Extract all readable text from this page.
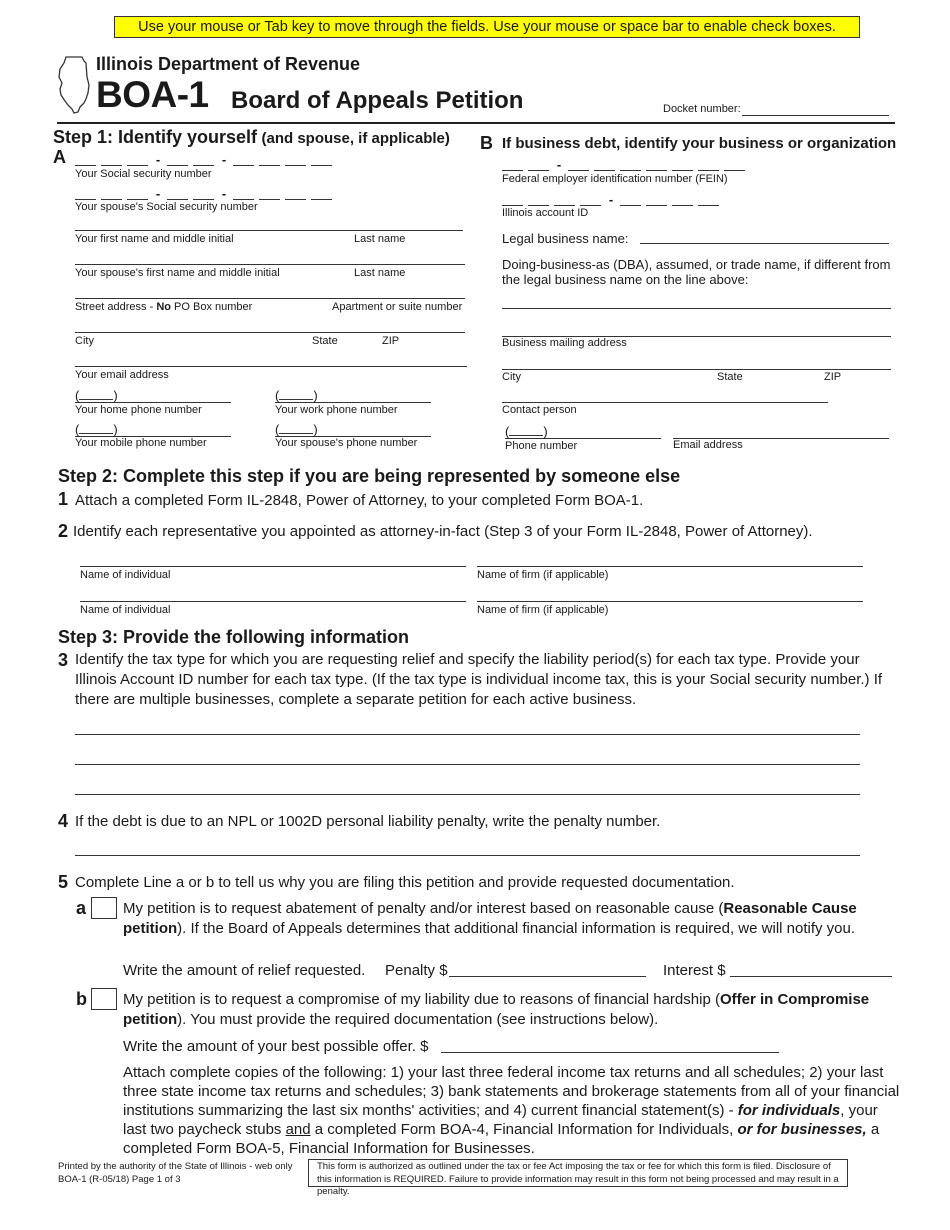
Use your mouse or Tab key to move through the fields. Use your mouse or space bar to enable check boxes.
Illinois Department of Revenue
BOA-1 Board of Appeals Petition	Docket number:
Step 1: Identify yourself (and spouse, if applicable)
A	-	-
Your Social security number
-	-
Your spouse's Social security number
Your first name and middle initial	Last name
Your spouse's first name and middle initial	Last name
Street address - No PO Box number	Apartment or suite number
City	State	ZIP
Your email address
(	)
Your home phone number
(	)
Your work phone number
(	)
Your mobile phone number
(	)
Your spouse's phone number
B If business debt, identify your business or organization
-
Federal employer identification number (FEIN)
-
Illinois account ID
Legal business name:
Doing-business-as (DBA), assumed, or trade name, if different from the legal business name on the line above:
Business mailing address
City	State	ZIP
Contact person
(	)
Phone number	Email address
Step 2: Complete this step if you are being represented by someone else
1 Attach a completed Form IL-2848, Power of Attorney, to your completed Form BOA-1.
2 Identify each representative you appointed as attorney-in-fact (Step 3 of your Form IL-2848, Power of Attorney).
Name of individual	Name of firm (if applicable)
Name of individual	Name of firm (if applicable)
Step 3: Provide the following information
3 Identify the tax type for which you are requesting relief and specify the liability period(s) for each tax type. Provide your Illinois Account ID number for each tax type. (If the tax type is individual income tax, this is your Social security number.) If there are multiple businesses, complete a separate petition for each active business.
4 If the debt is due to an NPL or 1002D personal liability penalty, write the penalty number.
5 Complete Line a or b to tell us why you are filing this petition and provide requested documentation.
a My petition is to request abatement of penalty and/or interest based on reasonable cause (Reasonable Cause petition). If the Board of Appeals determines that additional financial information is required, we will notify you.
Write the amount of relief requested. Penalty $	Interest $
b My petition is to request a compromise of my liability due to reasons of financial hardship (Offer in Compromise petition). You must provide the required documentation (see instructions below).
Write the amount of your best possible offer. $
Attach complete copies of the following: 1) your last three federal income tax returns and all schedules; 2) your last three state income tax returns and schedules; 3) bank statements and brokerage statements from all of your financial institutions summarizing the last six months' activities; and 4) current financial statement(s) - for individuals, your last two paycheck stubs and a completed Form BOA-4, Financial Information for Individuals, or for businesses, a completed Form BOA-5, Financial Information for Businesses.
Printed by the authority of the State of Illinois - web only
BOA-1 (R-05/18) Page 1 of 3
This form is authorized as outlined under the tax or fee Act imposing the tax or fee for which this form is filed. Disclosure of this information is REQUIRED. Failure to provide information may result in this form not being processed and may result in a penalty.
